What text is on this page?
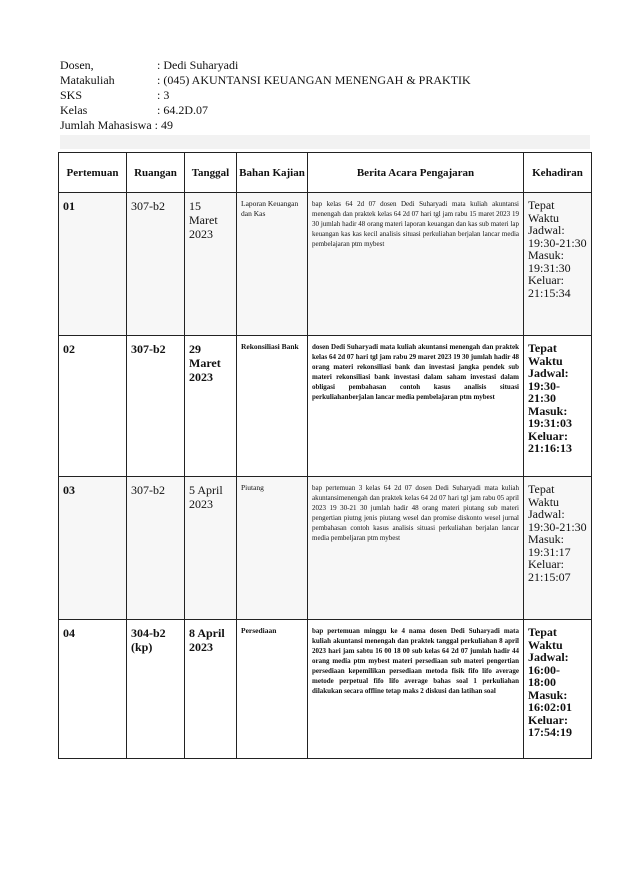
Dosen,	: Dedi Suharyadi
Matakuliah	: (045) AKUNTANSI KEUANGAN MENENGAH & PRAKTIK
SKS	: 3
Kelas	: 64.2D.07
Jumlah Mahasiswa : 49
Pertemuan	Ruangan	Tanggal	Bahan Kajian	Berita Acara Pengajaran	Kehadiran
01	307-b2	15 Maret 2023	Laporan Keuangan dan Kas	bap kelas 64 2d 07 dosen Dedi Suharyadi mata kuliah akuntansi menengah dan praktek kelas 64 2d 07 hari tgl jam rabu 15 maret 2023 19 30 jumlah hadir 48 orang materi laporan keuangan dan kas sub materi lap keuangan kas kas kecil analisis situasi perkuliahan berjalan lancar media pembelajaran ptm mybest	Tepat Waktu Jadwal: 19:30-21:30 Masuk: 19:31:30 Keluar: 21:15:34
02	307-b2	29 Maret 2023	Rekonsiliasi Bank	dosen Dedi Suharyadi mata kuliah akuntansi menengah dan praktek kelas 64 2d 07 hari tgl jam rabu 29 maret 2023 19 30 jumlah hadir 48 orang materi rekonsiliasi bank dan investasi jangka pendek sub materi rekonsiliasi bank investasi dalam saham investasi dalam obligasi pembahasan contoh kasus analisis situasi perkuliahanberjalan lancar media pembelajaran ptm mybest	Tepat Waktu Jadwal: 19:30-21:30 Masuk: 19:31:03 Keluar: 21:16:13
03	307-b2	5 April 2023	Piutang	bap pertemuan 3 kelas 64 2d 07 dosen Dedi Suharyadi mata kuliah akuntansimenengah dan praktek kelas 64 2d 07 hari tgl jam rabu 05 april 2023 19 30-21 30 jumlah hadir 48 orang materi piutang sub materi pengertian piutng jenis piutang wesel dan promise diskonto wesel jurnal pembahasan contoh kasus analisis situasi perkuliahan berjalan lancar media pembeljaran ptm mybest	Tepat Waktu Jadwal: 19:30-21:30 Masuk: 19:31:17 Keluar: 21:15:07
04	304-b2 (kp)	8 April 2023	Persediaan	bap pertemuan minggu ke 4 nama dosen Dedi Suharyadi mata kuliah akuntansi menengah dan praktek tanggal perkuliahan 8 april 2023 hari jam sabtu 16 00 18 00 sub kelas 64 2d 07 jumlah hadir 44 orang media ptm mybest materi persediaan sub materi pengertian persediaan kepemilikan persediaan metoda fisik fifo lifo average metode perpetual fifo lifo average bahas soal 1 perkuliahan dilakukan secara offline tetap maks 2 diskusi dan latihan soal	Tepat Waktu Jadwal: 16:00-18:00 Masuk: 16:02:01 Keluar: 17:54:19
